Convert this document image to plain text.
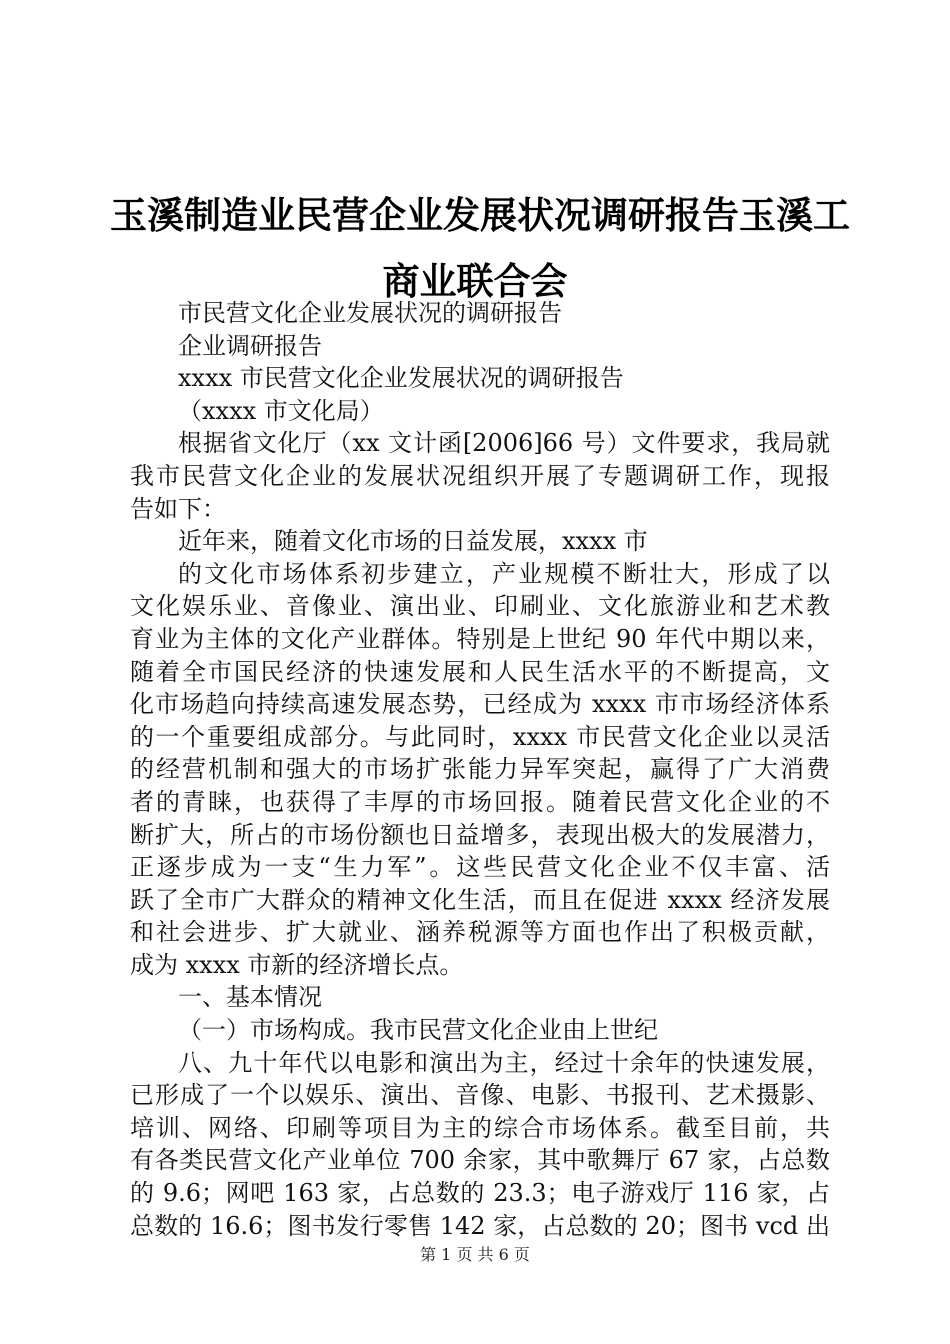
玉溪制造业民营企业发展状况调研报告玉溪工
商业联合会
市民营文化企业发展状况的调研报告
企业调研报告
xxxx 市民营文化企业发展状况的调研报告
（xxxx 市文化局）
根据省文化厅（xx 文计函[2006]66 号）文件要求，我局就
我市民营文化企业的发展状况组织开展了专题调研工作，现报
告如下：
近年来，随着文化市场的日益发展，xxxx 市
的文化市场体系初步建立，产业规模不断壮大，形成了以
文化娱乐业、音像业、演出业、印刷业、文化旅游业和艺术教
育业为主体的文化产业群体。特别是上世纪 90 年代中期以来，
随着全市国民经济的快速发展和人民生活水平的不断提高，文
化市场趋向持续高速发展态势，已经成为 xxxx 市市场经济体系
的一个重要组成部分。与此同时，xxxx 市民营文化企业以灵活
的经营机制和强大的市场扩张能力异军突起，赢得了广大消费
者的青睐，也获得了丰厚的市场回报。随着民营文化企业的不
断扩大，所占的市场份额也日益增多，表现出极大的发展潜力，
正逐步成为一支“生力军”。这些民营文化企业不仅丰富、活
跃了全市广大群众的精神文化生活，而且在促进 xxxx 经济发展
和社会进步、扩大就业、涵养税源等方面也作出了积极贡献，
成为 xxxx 市新的经济增长点。
一、基本情况
（一）市场构成。我市民营文化企业由上世纪
八、九十年代以电影和演出为主，经过十余年的快速发展，
已形成了一个以娱乐、演出、音像、电影、书报刊、艺术摄影、
培训、网络、印刷等项目为主的综合市场体系。截至目前，共
有各类民营文化产业单位 700 余家，其中歌舞厅 67 家，占总数
的 9.6；网吧 163 家，占总数的 23.3；电子游戏厅 116 家，占
总数的 16.6；图书发行零售 142 家，占总数的 20；图书 vcd 出
第 1 页 共 6 页
